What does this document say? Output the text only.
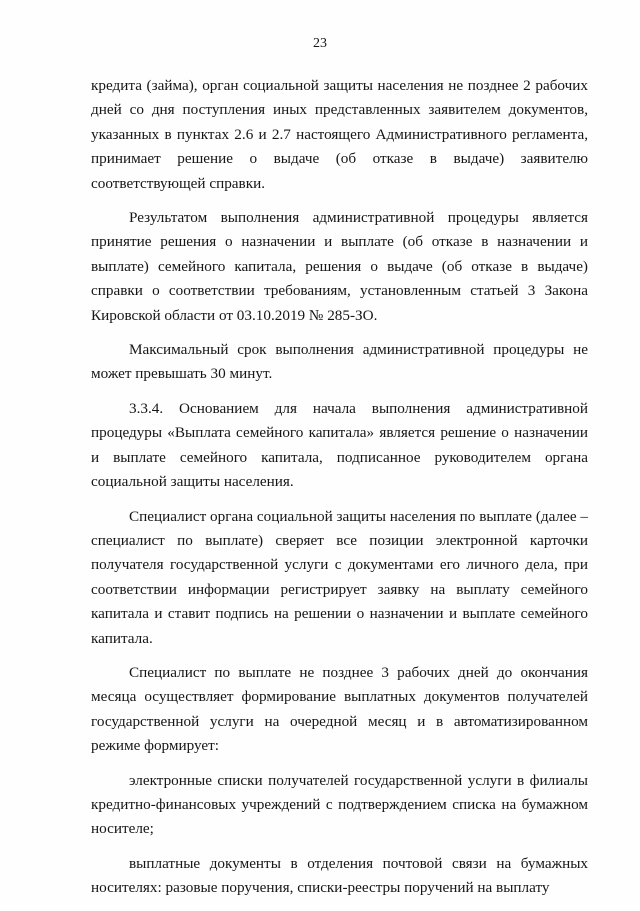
23

кредита (займа), орган социальной защиты населения не позднее 2 рабочих дней со дня поступления иных представленных заявителем документов, указанных в пунктах 2.6 и 2.7 настоящего Административного регламента, принимает решение о выдаче (об отказе в выдаче) заявителю соответствующей справки.

Результатом выполнения административной процедуры является принятие решения о назначении и выплате (об отказе в назначении и выплате) семейного капитала, решения о выдаче (об отказе в выдаче) справки о соответствии требованиям, установленным статьей 3 Закона Кировской области от 03.10.2019 № 285-ЗО.

Максимальный срок выполнения административной процедуры не может превышать 30 минут.

3.3.4. Основанием для начала выполнения административной процедуры «Выплата семейного капитала» является решение о назначении и выплате семейного капитала, подписанное руководителем органа социальной защиты населения.

Специалист органа социальной защиты населения по выплате (далее – специалист по выплате) сверяет все позиции электронной карточки получателя государственной услуги с документами его личного дела, при соответствии информации регистрирует заявку на выплату семейного капитала и ставит подпись на решении о назначении и выплате семейного капитала.

Специалист по выплате не позднее 3 рабочих дней до окончания месяца осуществляет формирование выплатных документов получателей государственной услуги на очередной месяц и в автоматизированном режиме формирует:

электронные списки получателей государственной услуги в филиалы кредитно-финансовых учреждений с подтверждением списка на бумажном носителе;

выплатные документы в отделения почтовой связи на бумажных носителях: разовые поручения, списки-реестры поручений на выплату
